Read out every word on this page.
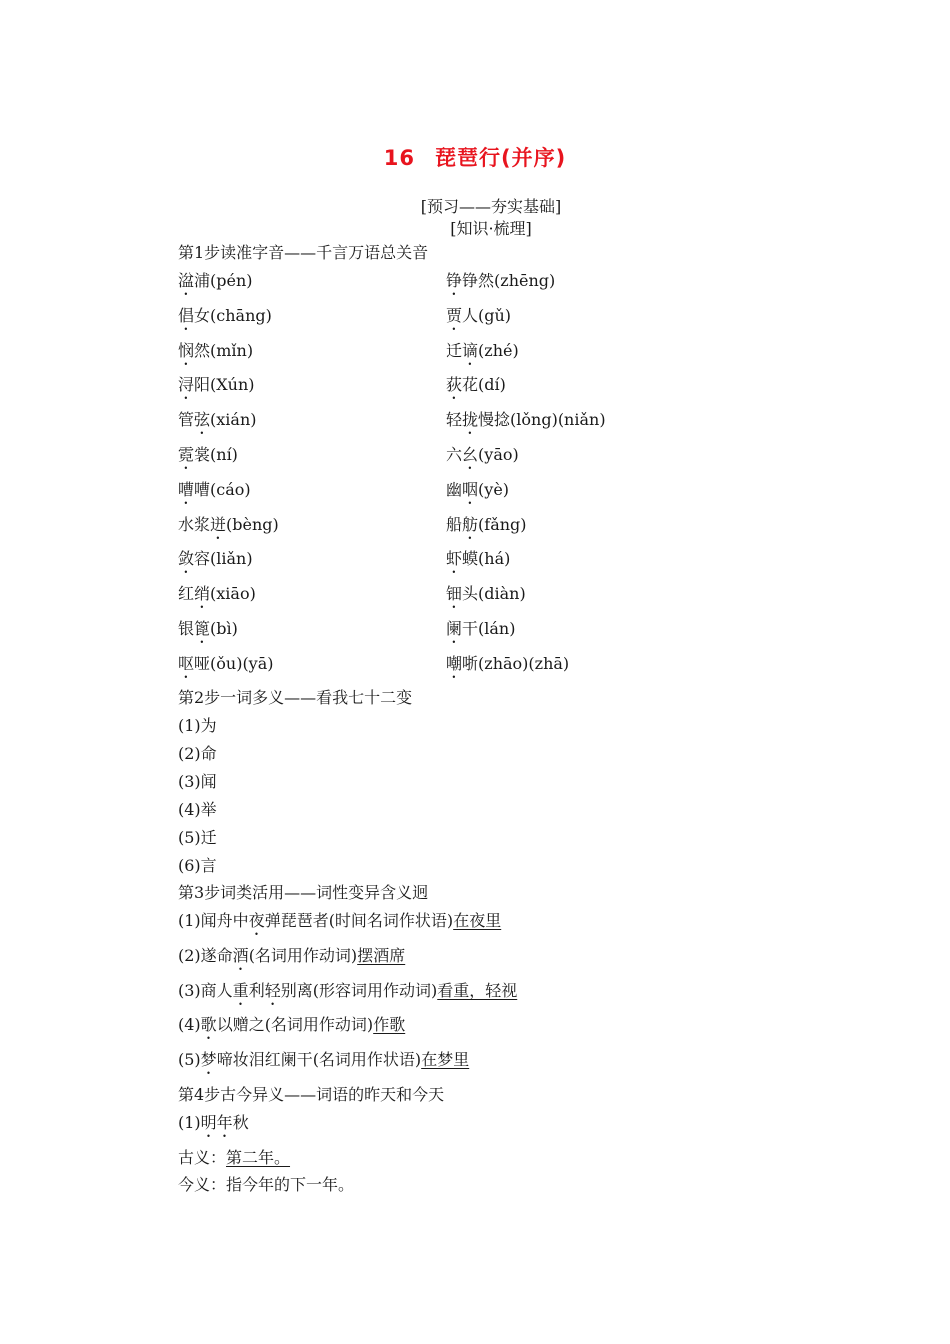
16 琵琶行(并序)
[预习——夯实基础]
[知识·梳理]
第1步读准字音——千言万语总关音
湓浦(pén)	铮铮然(zhēng)
倡女(chāng)	贾人(gǔ)
悯然(mǐn)	迁谪(zhé)
浔阳(Xún)	荻花(dí)
管弦(xián)	轻拢慢捻(lǒng)(niǎn)
霓裳(ní)	六幺(yāo)
嘈嘈(cáo)	幽咽(yè)
水浆迸(bèng)	船舫(fǎng)
敛容(liǎn)	虾蟆(há)
红绡(xiāo)	钿头(diàn)
银篦(bì)	阑干(lán)
呕哑(ǒu)(yā)	嘲哳(zhāo)(zhā)
第2步一词多义——看我七十二变
(1)为
(2)命
(3)闻
(4)举
(5)迁
(6)言
第3步词类活用——词性变异含义迥
(1)闻舟中夜弹琵琶者(时间名词作状语)在夜里
(2)遂命酒(名词用作动词)摆酒席
(3)商人重利轻别离(形容词用作动词)看重，轻视
(4)歌以赠之(名词用作动词)作歌
(5)梦啼妆泪红阑干(名词用作状语)在梦里
第4步古今异义——词语的昨天和今天
(1)明年秋
古义：第二年。
今义：指今年的下一年。
